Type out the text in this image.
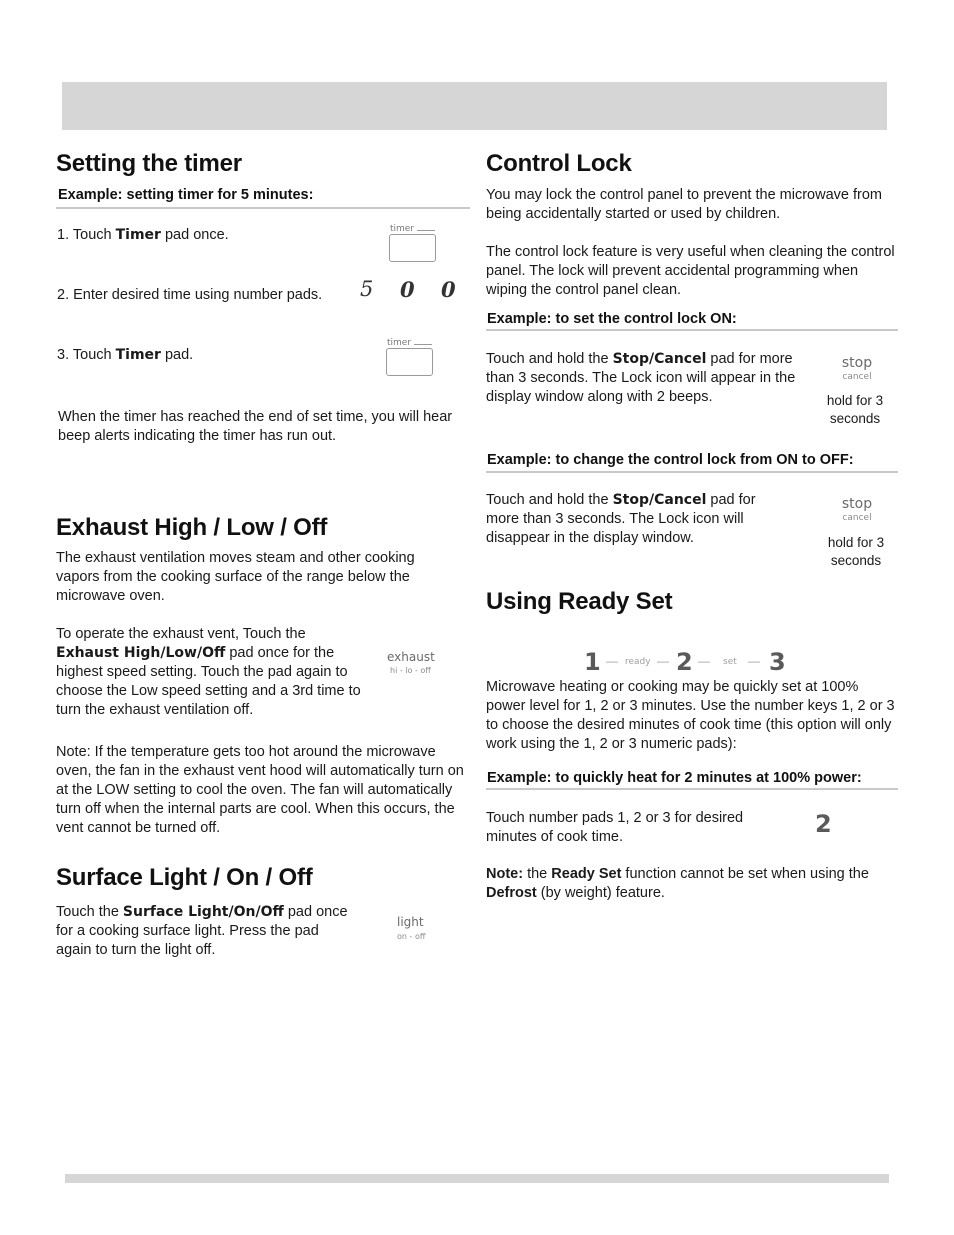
Setting the timer
Example: setting timer for 5 minutes:
1. Touch Timer pad once.	timer
2. Enter desired time using number pads. 5 0 0
3. Touch Timer pad.
timer
When the timer has reached the end of set time, you will hear beep alerts indicating the timer has run out.
Exhaust High / Low / Off
The exhaust ventilation moves steam and other cooking vapors from the cooking surface of the range below the microwave oven.
To operate the exhaust vent, Touch the
Exhaust High/Low/Off pad once for the highest speed setting. Touch the pad again to choose the Low speed setting and a 3rd time to turn the exhaust ventilation off.
exhaust
hi - lo - off
Note: If the temperature gets too hot around the microwave oven, the fan in the exhaust vent hood will automatically turn on at the LOW setting to cool the oven. The fan will automatically turn off when the internal parts are cool. When this occurs, the vent cannot be turned off.
Surface Light / On / Off
Touch the Surface Light/On/Off pad once for a cooking surface light. Press the pad again to turn the light off.
light
on - off
Control Lock
You may lock the control panel to prevent the microwave from being accidentally started or used by children.
The control lock feature is very useful when cleaning the control panel. The lock will prevent accidental programming when wiping the control panel clean.
Example: to set the control lock ON:
Touch and hold the Stop/Cancel pad for more than 3 seconds. The Lock icon will appear in the display window along with 2 beeps.
stop
cancel
hold for 3 seconds
Example: to change the control lock from ON to OFF:
Touch and hold the Stop/Cancel pad for more than 3 seconds. The Lock icon will disappear in the display window.
stop
cancel
hold for 3 seconds
Using Ready Set
1 — ready — 2 — set — 3
Microwave heating or cooking may be quickly set at 100% power level for 1, 2 or 3 minutes. Use the number keys 1, 2 or 3 to choose the desired minutes of cook time (this option will only work using the 1, 2 or 3 numeric pads):
Example: to quickly heat for 2 minutes at 100% power:
Touch number pads 1, 2 or 3 for desired minutes of cook time.	2
Note: the Ready Set function cannot be set when using the Defrost (by weight) feature.
